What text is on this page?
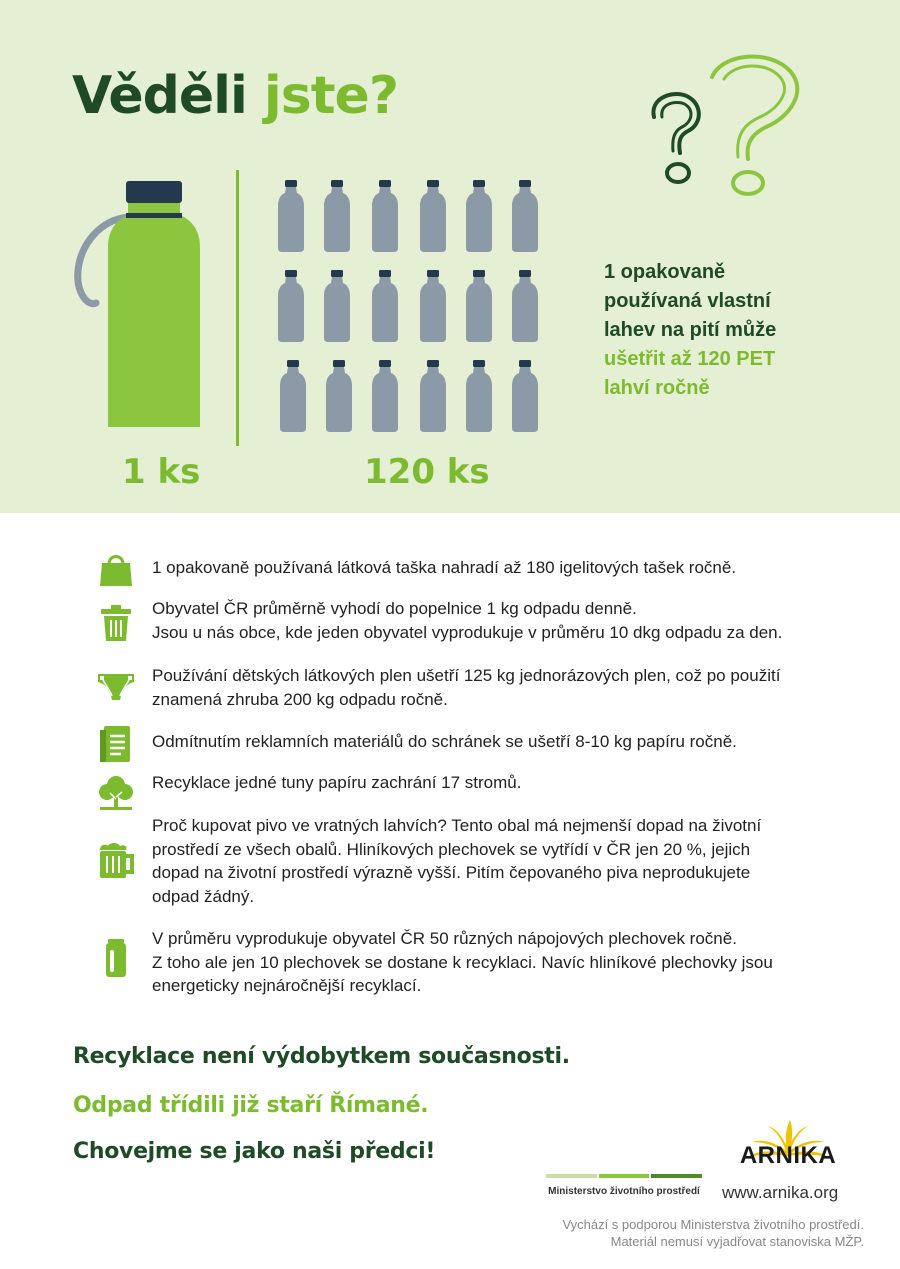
Věděli jste?
1 ks	120 ks
1 opakovaně
používaná vlastní
lahev na pití může
ušetřit až 120 PET
lahví ročně
1 opakovaně používaná látková taška nahradí až 180 igelitových tašek ročně.
Obyvatel ČR průměrně vyhodí do popelnice 1 kg odpadu denně.
Jsou u nás obce, kde jeden obyvatel vyprodukuje v průměru 10 dkg odpadu za den.
Používání dětských látkových plen ušetří 125 kg jednorázových plen, což po použití
znamená zhruba 200 kg odpadu ročně.
Odmítnutím reklamních materiálů do schránek se ušetří 8-10 kg papíru ročně.
Recyklace jedné tuny papíru zachrání 17 stromů.
Proč kupovat pivo ve vratných lahvích? Tento obal má nejmenší dopad na životní
prostředí ze všech obalů. Hliníkových plechovek se vytřídí v ČR jen 20 %, jejich
dopad na životní prostředí výrazně vyšší. Pitím čepovaného piva neprodukujete
odpad žádný.
V průměru vyprodukuje obyvatel ČR 50 různých nápojových plechovek ročně.
Z toho ale jen 10 plechovek se dostane k recyklaci. Navíc hliníkové plechovky jsou
energeticky nejnáročnější recyklací.

Recyklace není výdobytkem současnosti.

Odpad třídili již staří Římané.

Chovejme se jako naši předci!

Ministerstvo životního prostředí
ARNIKA
www.arnika.org
Vychází s podporou Ministerstva životního prostředí.
Materiál nemusí vyjadřovat stanoviska MŽP.
